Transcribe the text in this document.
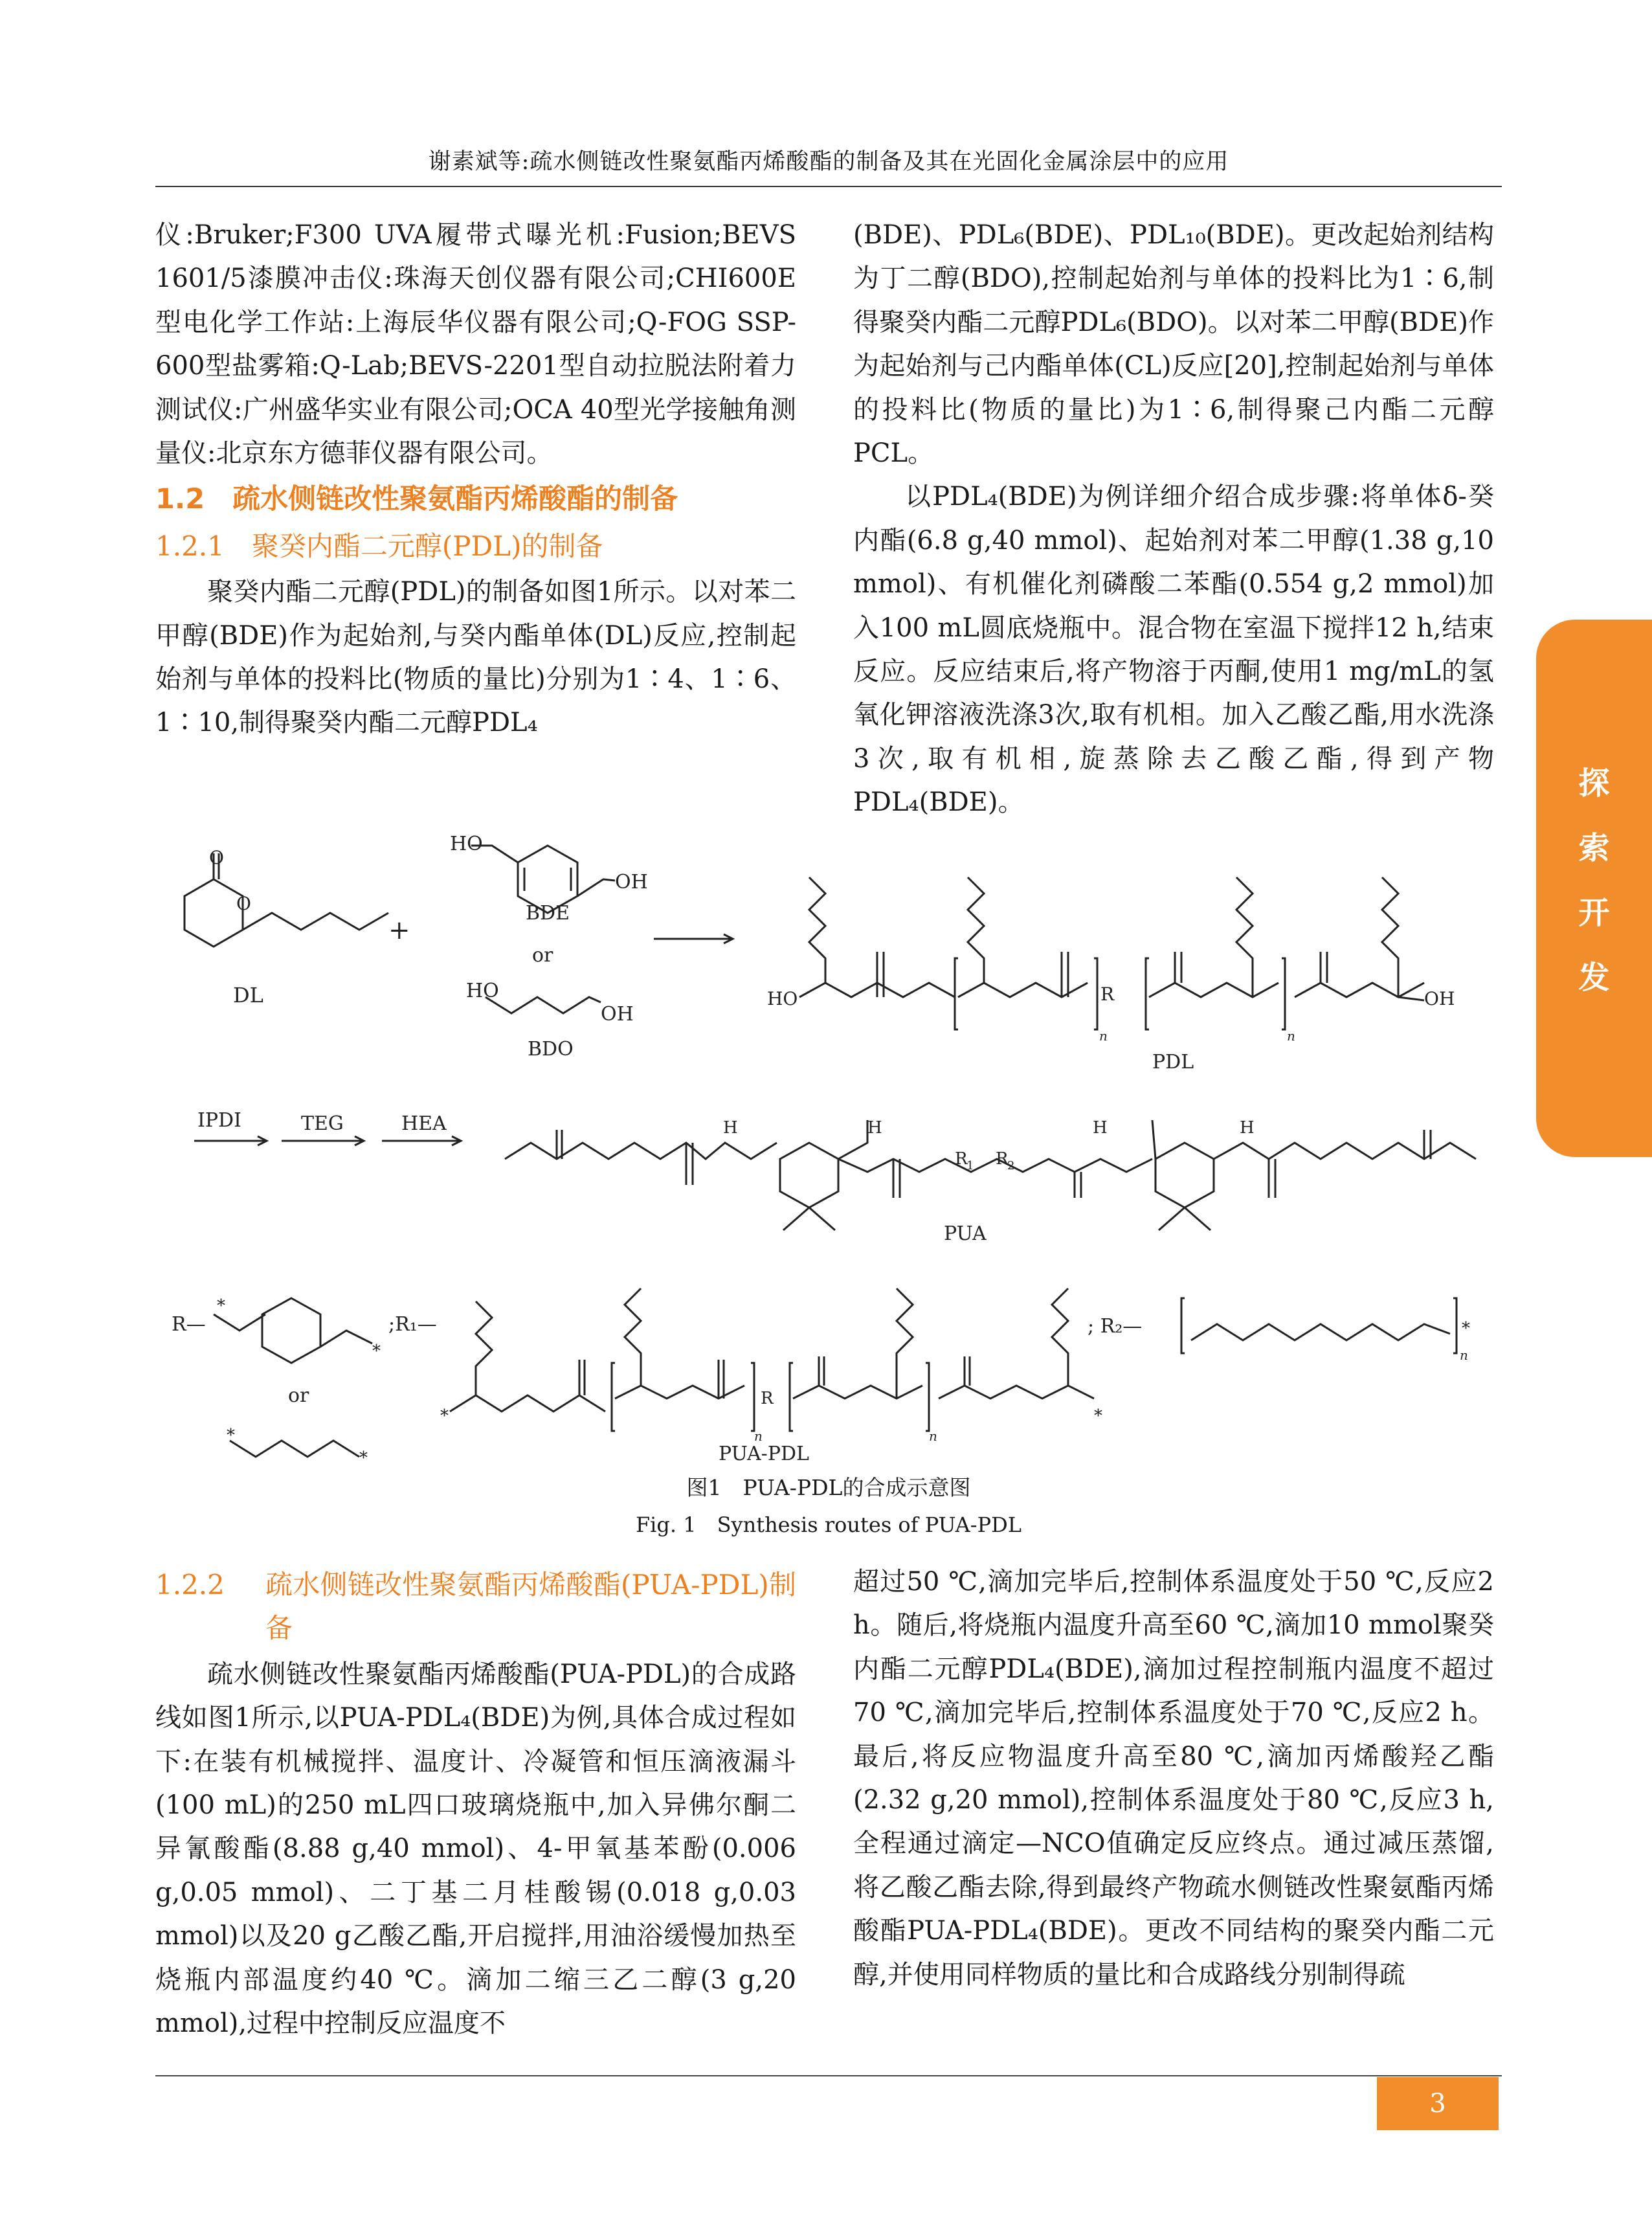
谢素斌等:疏水侧链改性聚氨酯丙烯酸酯的制备及其在光固化金属涂层中的应用

仪:Bruker;F300 UVA履带式曝光机:Fusion;BEVS 1601/5漆膜冲击仪:珠海天创仪器有限公司;CHI600E型电化学工作站:上海辰华仪器有限公司;Q-FOG SSP-600型盐雾箱:Q-Lab;BEVS-2201型自动拉脱法附着力测试仪:广州盛华实业有限公司;OCA 40型光学接触角测量仪:北京东方德菲仪器有限公司。

1.2　疏水侧链改性聚氨酯丙烯酸酯的制备
1.2.1　聚癸内酯二元醇(PDL)的制备

聚癸内酯二元醇(PDL)的制备如图1所示。以对苯二甲醇(BDE)作为起始剂,与癸内酯单体(DL)反应,控制起始剂与单体的投料比(物质的量比)分别为1∶4、1∶6、1∶10,制得聚癸内酯二元醇PDL₄

(BDE)、PDL₆(BDE)、PDL₁₀(BDE)。更改起始剂结构为丁二醇(BDO),控制起始剂与单体的投料比为1∶6,制得聚癸内酯二元醇PDL₆(BDO)。以对苯二甲醇(BDE)作为起始剂与己内酯单体(CL)反应[20],控制起始剂与单体的投料比(物质的量比)为1∶6,制得聚己内酯二元醇PCL。

以PDL₄(BDE)为例详细介绍合成步骤:将单体δ-癸内酯(6.8 g,40 mmol)、起始剂对苯二甲醇(1.38 g,10 mmol)、有机催化剂磷酸二苯酯(0.554 g,2 mmol)加入100 mL圆底烧瓶中。混合物在室温下搅拌12 h,结束反应。反应结束后,将产物溶于丙酮,使用1 mg/mL的氢氧化钾溶液洗涤3次,取有机相。加入乙酸乙酯,用水洗涤3次,取有机相,旋蒸除去乙酸乙酯,得到产物PDL₄(BDE)。

探
索
开
发
O
O
DL
+
HO
OH
BDE
or
HO
OH
BDO
HO	OH
R
n	n
PDL
IPDI	TEG	HEA	H	H	H	H
R
1 R
2
PUA
R—
*
*
;R₁—
or
*
*
*	*
R
n	n
PUA-PDL
; R₂—	*
n
图1　PUA-PDL的合成示意图
Fig. 1　Synthesis routes of PUA-PDL
1.2.2	疏水侧链改性聚氨酯丙烯酸酯(PUA-PDL)制备

疏水侧链改性聚氨酯丙烯酸酯(PUA-PDL)的合成路线如图1所示,以PUA-PDL₄(BDE)为例,具体合成过程如下:在装有机械搅拌、温度计、冷凝管和恒压滴液漏斗(100 mL)的250 mL四口玻璃烧瓶中,加入异佛尔酮二异氰酸酯(8.88 g,40 mmol)、4-甲氧基苯酚(0.006 g,0.05 mmol)、二丁基二月桂酸锡(0.018 g,0.03 mmol)以及20 g乙酸乙酯,开启搅拌,用油浴缓慢加热至烧瓶内部温度约40 ℃。滴加二缩三乙二醇(3 g,20 mmol),过程中控制反应温度不

超过50 ℃,滴加完毕后,控制体系温度处于50 ℃,反应2 h。随后,将烧瓶内温度升高至60 ℃,滴加10 mmol聚癸内酯二元醇PDL₄(BDE),滴加过程控制瓶内温度不超过70 ℃,滴加完毕后,控制体系温度处于70 ℃,反应2 h。最后,将反应物温度升高至80 ℃,滴加丙烯酸羟乙酯(2.32 g,20 mmol),控制体系温度处于80 ℃,反应3 h,全程通过滴定—NCO值确定反应终点。通过减压蒸馏,将乙酸乙酯去除,得到最终产物疏水侧链改性聚氨酯丙烯酸酯PUA-PDL₄(BDE)。更改不同结构的聚癸内酯二元醇,并使用同样物质的量比和合成路线分别制得疏

3
